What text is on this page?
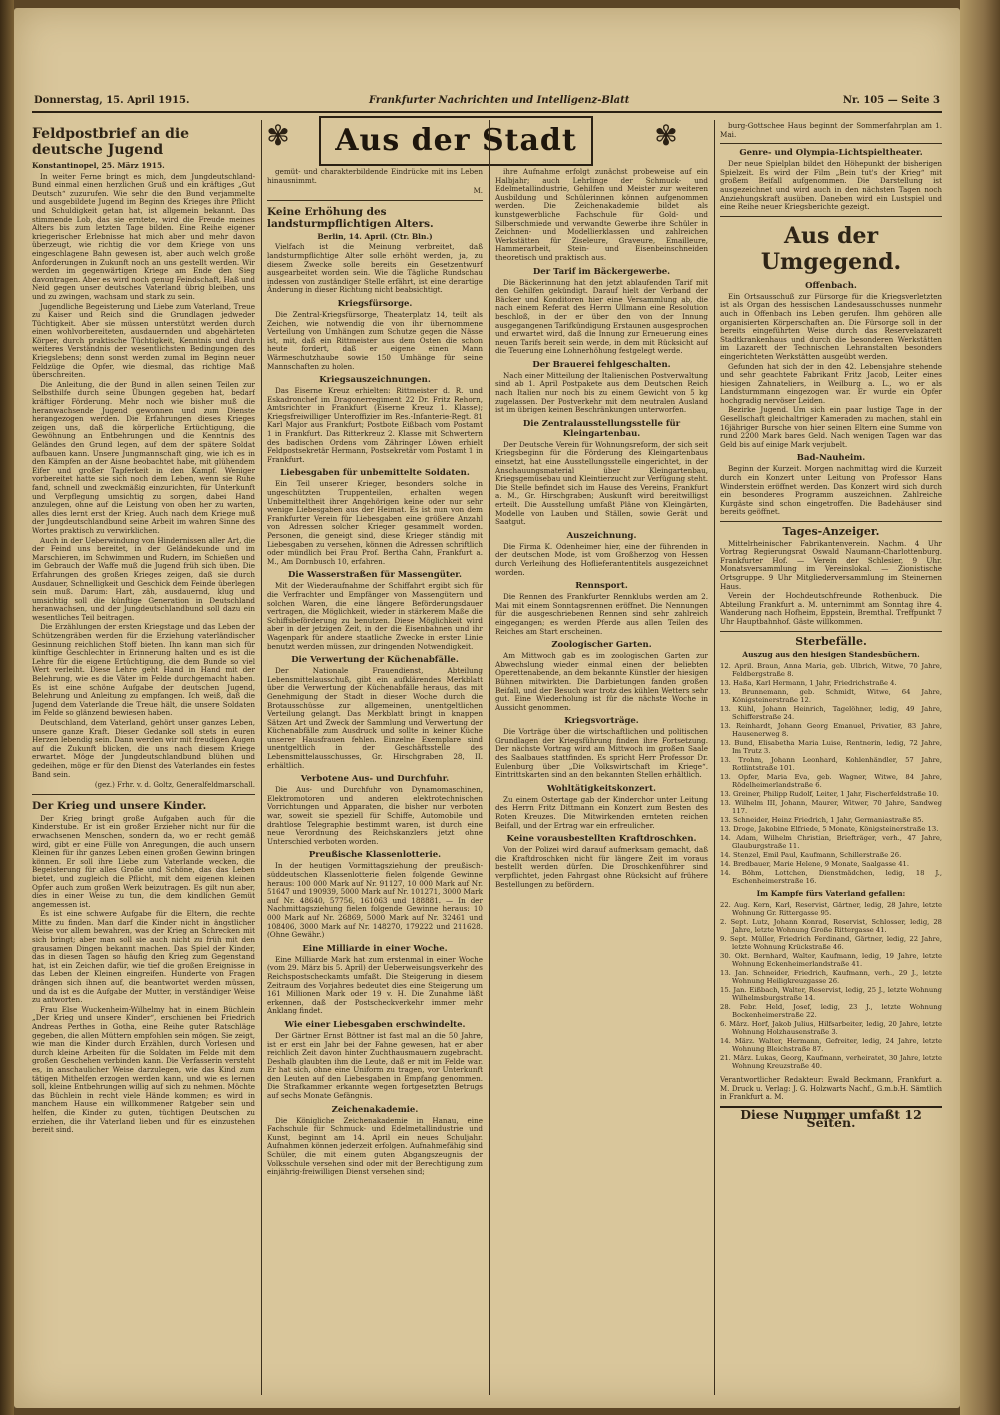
Donnerstag, 15. April 1915.	Frankfurter Nachrichten und Intelligenz-Blatt	Nr. 105 — Seite 3
✾	Aus der Stadt	✾
Feldpostbrief an die deutsche Jugend
Konstantinopel, 25. März 1915.

In weiter Ferne bringt es mich, dem Jungdeutschland-Bund einmal einen herzlichen Gruß und ein kräftiges „Gut Deutsch“ zuzurufen. Wie sehr die den Bund verjammelte und ausgebildete Jugend im Beginn des Krieges ihre Pflicht und Schuldigkeit getan hat, ist allgemein bekannt. Das stimmende Lob, das sie erntete, wird die Freude meines Alters bis zum letzten Tage bilden. Eine Reihe eigener kriegerischer Erlebnisse hat mich aber und mehr davon überzeugt, wie richtig die vor dem Kriege von uns eingeschlagene Bahn gewesen ist, aber auch welch große Anforderungen in Zukunft noch an uns gestellt werden. Wir werden im gegenwärtigen Kriege am Ende den Sieg davontragen. Aber es wird noch genug Feindschaft, Haß und Neid gegen unser deutsches Vaterland übrig bleiben, uns und zu zwingen, wachsam und stark zu sein.

Jugendliche Begeisterung und Liebe zum Vaterland, Treue zu Kaiser und Reich sind die Grundlagen jedweder Tüchtigkeit. Aber sie müssen unterstützt werden durch einen wohlvorbereiteten, ausdauernden und abgehärteten Körper, durch praktische Tüchtigkeit, Kenntnis und durch weiteres Verständnis der wesentlichsten Bedingungen des Kriegslebens; denn sonst werden zumal im Beginn neuer Feldzüge die Opfer, wie diesmal, das richtige Maß überschreiten.

Die Anleitung, die der Bund in allen seinen Teilen zur Selbsthilfe durch seine Übungen gegeben hat, bedarf kräftiger Förderung. Mehr noch wie bisher muß die heranwachsende Jugend gewonnen und zum Dienste herangezogen werden. Die Erfahrungen dieses Krieges zeigen uns, daß die körperliche Ertüchtigung, die Gewöhnung an Entbehrungen und die Kenntnis des Geländes den Grund legen, auf dem der spätere Soldat aufbauen kann. Unsere Jungmannschaft ging, wie ich es in den Kämpfen an der Aisne beobachtet habe, mit glühendem Eifer und großer Tapferkeit in den Kampf. Weniger vorbereitet hatte sie sich noch dem Leben, wenn sie Ruhe fand, schnell und zweckmäßig einzurichten, für Unterkunft und Verpflegung umsichtig zu sorgen, dabei Hand anzulegen, ohne auf die Leistung von oben her zu warten, alles dies lernt erst der Krieg. Auch nach dem Kriege muß der Jungdeutschlandbund seine Arbeit im wahren Sinne des Wortes praktisch zu verwirklichen.

Auch in der Ueberwindung von Hindernissen aller Art, die der Feind uns bereitet, in der Geländekunde und im Marschieren, im Schwimmen und Rudern, im Schießen und im Gebrauch der Waffe muß die Jugend früh sich üben. Die Erfahrungen des großen Krieges zeigen, daß sie durch Ausdauer, Schnelligkeit und Geschick dem Feinde überlegen sein muß. Darum: Hart, zäh, ausdauernd, klug und umsichtig soll die künftige Generation in Deutschland heranwachsen, und der Jungdeutschlandbund soll dazu ein wesentliches Teil beitragen.

Die Erzählungen der ersten Kriegstage und das Leben der Schützengräben werden für die Erziehung vaterländischer Gesinnung reichlichen Stoff bieten. Ihn kann man sich für künftige Geschlechter in Erinnerung halten und es ist die Lehre für die eigene Ertüchtigung, die dem Bunde so viel Wert verleiht. Diese Lehre geht Hand in Hand mit der Belehrung, wie es die Väter im Felde durchgemacht haben. Es ist eine schöne Aufgabe der deutschen Jugend, Belehrung und Anleitung zu empfangen. Ich weiß, daß die Jugend dem Vaterlande die Treue hält, die unsere Soldaten im Felde so glänzend bewiesen haben.

Deutschland, dem Vaterland, gehört unser ganzes Leben, unsere ganze Kraft. Dieser Gedanke soll stets in euren Herzen lebendig sein. Dann werden wir mit freudigen Augen auf die Zukunft blicken, die uns nach diesem Kriege erwartet. Möge der Jungdeutschlandbund blühen und gedeihen, möge er für den Dienst des Vaterlandes ein festes Band sein.

(gez.) Frhr. v. d. Goltz, Generalfeldmarschall.
Der Krieg und unsere Kinder.

Der Krieg bringt große Aufgaben auch für die Kinderstube. Er ist ein großer Erzieher nicht nur für die erwachsenen Menschen, sondern da, wo er recht gemäß wird, gibt er eine Fülle von Anregungen, die auch unsern Kleinen für ihr ganzes Leben einen großen Gewinn bringen können. Er soll ihre Liebe zum Vaterlande wecken, die Begeisterung für alles Große und Schöne, das das Leben bietet, und zugleich die Pflicht, mit dem eigenen kleinen Opfer auch zum großen Werk beizutragen. Es gilt nun aber, dies in einer Weise zu tun, die dem kindlichen Gemüt angemessen ist.

Es ist eine schwere Aufgabe für die Eltern, die rechte Mitte zu finden. Man darf die Kinder nicht in ängstlicher Weise vor allem bewahren, was der Krieg an Schrecken mit sich bringt; aber man soll sie auch nicht zu früh mit den grausamen Dingen bekannt machen. Das Spiel der Kinder, das in diesen Tagen so häufig den Krieg zum Gegenstand hat, ist ein Zeichen dafür, wie tief die großen Ereignisse in das Leben der Kleinen eingreifen. Hunderte von Fragen drängen sich ihnen auf, die beantwortet werden müssen, und da ist es die Aufgabe der Mutter, in verständiger Weise zu antworten.

Frau Else Wuckenheim-Wilhelmy hat in einem Büchlein „Der Krieg und unsere Kinder“, erschienen bei Friedrich Andreas Perthes in Gotha, eine Reihe guter Ratschläge gegeben, die allen Müttern empfohlen sein mögen. Sie zeigt, wie man die Kinder durch Erzählen, durch Vorlesen und durch kleine Arbeiten für die Soldaten im Felde mit dem großen Geschehen verbinden kann. Die Verfasserin versteht es, in anschaulicher Weise darzulegen, wie das Kind zum tätigen Mithelfen erzogen werden kann, und wie es lernen soll, kleine Entbehrungen willig auf sich zu nehmen. Möchte das Büchlein in recht viele Hände kommen; es wird in manchem Hause ein willkommener Ratgeber sein und helfen, die Kinder zu guten, tüchtigen Deutschen zu erziehen, die ihr Vaterland lieben und für es einzustehen bereit sind.

gemüt- und charakterbildende Eindrücke mit ins Leben hinausnimmt.

M.
Keine Erhöhung des landsturmpflichtigen Alters.
Berlin, 14. April. (Ctr. Bln.)

Vielfach ist die Meinung verbreitet, daß landsturmpflichtige Alter solle erhöht werden, ja, zu diesem Zwecke solle bereits ein Gesetzentwurf ausgearbeitet worden sein. Wie die Tägliche Rundschau indessen von zuständiger Stelle erfährt, ist eine derartige Änderung in dieser Richtung nicht beabsichtigt.

Kriegsfürsorge.

Die Zentral-Kriegsfürsorge, Theaterplatz 14, teilt als Zeichen, wie notwendig die von ihr übernommene Verteilung von Umhängen zum Schutze gegen die Nässe ist, mit, daß ein Rittmeister aus dem Osten die schon heute fordert, daß er eigene einen Mann Wärmeschutzhaube sowie 150 Umhänge für seine Mannschaften zu holen.

Kriegsauszeichnungen.

Das Eiserne Kreuz erhielten: Rittmeister d. R. und Eskadronchef im Dragonerregiment 22 Dr. Fritz Rehorn, Amtsrichter in Frankfurt (Eiserne Kreuz 1. Klasse); Kriegsfreiwilliger Unteroffizier im Res.-Infanterie-Regt. 81 Karl Major aus Frankfurt; Postbote Eißbach vom Postamt 1 in Frankfurt. Das Ritterkreuz 2. Klasse mit Schwertern des badischen Ordens vom Zähringer Löwen erhielt Feldpostsekretär Hermann, Postsekretär vom Postamt 1 in Frankfurt.

Liebesgaben für unbemittelte Soldaten.

Ein Teil unserer Krieger, besonders solche in ungeschützten Truppenteilen, erhalten wegen Unbemitteltheit ihrer Angehörigen keine oder nur sehr wenige Liebesgaben aus der Heimat. Es ist nun von dem Frankfurter Verein für Liebesgaben eine größere Anzahl von Adressen solcher Krieger gesammelt worden. Personen, die geneigt sind, diese Krieger ständig mit Liebesgaben zu versehen, können die Adressen schriftlich oder mündlich bei Frau Prof. Bertha Cahn, Frankfurt a. M., Am Dornbusch 10, erfahren.

Die Wasserstraßen für Massengüter.

Mit der Wiederaufnahme der Schiffahrt ergibt sich für die Verfrachter und Empfänger von Massengütern und solchen Waren, die eine längere Beförderungsdauer vertragen, die Möglichkeit, wieder in stärkerem Maße die Schiffsbeförderung zu benutzen. Diese Möglichkeit wird aber in der jetzigen Zeit, in der die Eisenbahnen und ihr Wagenpark für andere staatliche Zwecke in erster Linie benutzt werden müssen, zur dringenden Notwendigkeit.

Die Verwertung der Küchenabfälle.

Der Nationale Frauendienst, Abteilung Lebensmittelausschuß, gibt ein aufklärendes Merkblatt über die Verwertung der Küchenabfälle heraus, das mit Genehmigung der Stadt in dieser Woche durch die Brotausschüsse zur allgemeinen, unentgeltlichen Verteilung gelangt. Das Merkblatt bringt in knappen Sätzen Art und Zweck der Sammlung und Verwertung der Küchenabfälle zum Ausdruck und sollte in keiner Küche unserer Hausfrauen fehlen. Einzelne Exemplare sind unentgeltlich in der Geschäftsstelle des Lebensmittelausschusses, Gr. Hirschgraben 28, II. erhältlich.

Verbotene Aus- und Durchfuhr.

Die Aus- und Durchfuhr von Dynamomaschinen, Elektromotoren und anderen elektrotechnischen Vorrichtungen und Apparaten, die bisher nur verboten war, soweit sie speziell für Schiffe, Automobile und drahtlose Telegraphie bestimmt waren, ist durch eine neue Verordnung des Reichskanzlers jetzt ohne Unterschied verboten worden.

Preußische Klassenlotterie.

In der heutigen Vormittagsziehung der preußisch-süddeutschen Klassenlotterie fielen folgende Gewinne heraus: 100 000 Mark auf Nr. 91127, 10 000 Mark auf Nr. 51647 und 190939, 5000 Mark auf Nr. 101271, 3000 Mark auf Nr. 48640, 57756, 161063 und 188881. — In der Nachmittagsziehung fielen folgende Gewinne heraus: 10 000 Mark auf Nr. 26869, 5000 Mark auf Nr. 32461 und 108406, 3000 Mark auf Nr. 148270, 179222 und 211628. (Ohne Gewähr.)

Eine Milliarde in einer Woche.

Eine Milliarde Mark hat zum erstenmal in einer Woche (vom 29. März bis 5. April) der Ueberweisungsverkehr des Reichspostscheckamts umfaßt. Die Steigerung in diesem Zeitraum des Vorjahres bedeutet dies eine Steigerung um 161 Millionen Mark oder 19 v. H. Die Zunahme läßt erkennen, daß der Postscheckverkehr immer mehr Anklang findet.

Wie einer Liebesgaben erschwindelte.

Der Gärtner Ernst Böttner ist fast mal an die 50 Jahre, ist er erst ein Jahr bei der Fahne gewesen, hat er aber reichlich Zeit davon hinter Zuchthausmauern zugebracht. Deshalb glaubten ihm die Leute, daß er mit im Felde war. Er hat sich, ohne eine Uniform zu tragen, vor Unterkunft den Leuten auf den Liebesgaben in Empfang genommen. Die Strafkammer erkannte wegen fortgesetzten Betrugs auf sechs Monate Gefängnis.

Zeichenakademie.

Die Königliche Zeichenakademie in Hanau, eine Fachschule für Schmuck- und Edelmetallindustrie und Kunst, beginnt am 14. April ein neues Schuljahr. Aufnahmen können jederzeit erfolgen. Aufnahmefähig sind Schüler, die mit einem guten Abgangszeugnis der Volksschule versehen sind oder mit der Berechtigung zum einjährig-freiwilligen Dienst versehen sind;

ihre Aufnahme erfolgt zunächst probeweise auf ein Halbjahr; auch Lehrlinge der Schmuck- und Edelmetallindustrie, Gehilfen und Meister zur weiteren Ausbildung und Schülerinnen können aufgenommen werden. Die Zeichenakademie bildet als kunstgewerbliche Fachschule für Gold- und Silberschmiede und verwandte Gewerbe ihre Schüler in Zeichnen- und Modellierklassen und zahlreichen Werkstätten für Ziseleure, Graveure, Emailleure, Hammerarbeit, Stein- und Eisenbeinschneiden theoretisch und praktisch aus.

Der Tarif im Bäckergewerbe.

Die Bäckerinnung hat den jetzt ablaufenden Tarif mit den Gehilfen gekündigt. Darauf hielt der Verband der Bäcker und Konditoren hier eine Versammlung ab, die nach einem Referat des Herrn Ullmann eine Resolution beschloß, in der er über den von der Innung ausgegangenen Tarifkündigung Erstaunen ausgesprochen und erwartet wird, daß die Innung zur Erneuerung eines neuen Tarifs bereit sein werde, in dem mit Rücksicht auf die Teuerung eine Lohnerhöhung festgelegt werde.

Der Brauerei fehlgeschalten.

Nach einer Mitteilung der Italienischen Postverwaltung sind ab 1. April Postpakete aus dem Deutschen Reich nach Italien nur noch bis zu einem Gewicht von 5 kg zugelassen. Der Postverkehr mit dem neutralen Ausland ist im übrigen keinen Beschränkungen unterworfen.

Die Zentralausstellungsstelle für Kleingartenbau.

Der Deutsche Verein für Wohnungsreform, der sich seit Kriegsbeginn für die Förderung des Kleingartenbaus einsetzt, hat eine Ausstellungsstelle eingerichtet, in der Anschauungsmaterial über Kleingartenbau, Kriegsgemüsebau und Kleintierzucht zur Verfügung steht. Die Stelle befindet sich im Hause des Vereins, Frankfurt a. M., Gr. Hirschgraben; Auskunft wird bereitwilligst erteilt. Die Ausstellung umfaßt Pläne von Kleingärten, Modelle von Lauben und Ställen, sowie Gerät und Saatgut.

Auszeichnung.

Die Firma K. Odenheimer hier, eine der führenden in der deutschen Mode, ist vom Großherzog von Hessen durch Verleihung des Hoflieferantentitels ausgezeichnet worden.

Rennsport.

Die Rennen des Frankfurter Rennklubs werden am 2. Mai mit einem Sonntagsrennen eröffnet. Die Nennungen für die ausgeschriebenen Rennen sind sehr zahlreich eingegangen; es werden Pferde aus allen Teilen des Reiches am Start erscheinen.

Zoologischer Garten.

Am Mittwoch gab es im zoologischen Garten zur Abwechslung wieder einmal einen der beliebten Operettenabende, an dem bekannte Künstler der hiesigen Bühnen mitwirkten. Die Darbietungen fanden großen Beifall, und der Besuch war trotz des kühlen Wetters sehr gut. Eine Wiederholung ist für die nächste Woche in Aussicht genommen.

Kriegsvorträge.

Die Vorträge über die wirtschaftlichen und politischen Grundlagen der Kriegsführung finden ihre Fortsetzung. Der nächste Vortrag wird am Mittwoch im großen Saale des Saalbaues stattfinden. Es spricht Herr Professor Dr. Eulenburg über „Die Volkswirtschaft im Kriege“. Eintrittskarten sind an den bekannten Stellen erhältlich.

Wohltätigkeitskonzert.

Zu einem Ostertage gab der Kinderchor unter Leitung des Herrn Fritz Dittmann ein Konzert zum Besten des Roten Kreuzes. Die Mitwirkenden ernteten reichen Beifall, und der Ertrag war ein erfreulicher.

Keine vorausbestellten Kraftdroschken.

Von der Polizei wird darauf aufmerksam gemacht, daß die Kraftdroschken nicht für längere Zeit im voraus bestellt werden dürfen. Die Droschkenführer sind verpflichtet, jeden Fahrgast ohne Rücksicht auf frühere Bestellungen zu befördern.

burg-Gottschee Haus beginnt der Sommerfahrplan am 1. Mai.

Genre- und Olympia-Lichtspieltheater.

Der neue Spielplan bildet den Höhepunkt der bisherigen Spielzeit. Es wird der Film „Bein tut's der Krieg“ mit großem Beifall aufgenommen. Die Darstellung ist ausgezeichnet und wird auch in den nächsten Tagen noch Anziehungskraft ausüben. Daneben wird ein Lustspiel und eine Reihe neuer Kriegsberichte gezeigt.

Aus der Umgegend.
Offenbach.

Ein Ortsausschuß zur Fürsorge für die Kriegsverletzten ist als Organ des hessischen Landesausschusses nunmehr auch in Offenbach ins Leben gerufen. Ihm gehören alle organisierten Körperschaften an. Die Fürsorge soll in der bereits eingeführten Weise durch das Reservelazarett Stadtkrankenhaus und durch die besonderen Werkstätten im Lazarett der Technischen Lehranstalten besonders eingerichteten Werkstätten ausgeübt werden.

Gefunden hat sich der in den 42. Lebensjahre stehende und sehr geachtete Fabrikant Fritz Jacob, Leiter eines hiesigen Zahnateliers, in Weilburg a. L., wo er als Landsturmmann eingezogen war. Er wurde ein Opfer hochgradig nervöser Leiden.

Bezirke Jugend. Um sich ein paar lustige Tage in der Gesellschaft gleichaltriger Kameraden zu machen, stahl ein 16jähriger Bursche von hier seinen Eltern eine Summe von rund 2200 Mark bares Geld. Nach wenigen Tagen war das Geld bis auf einige Mark verjubelt.

Bad-Nauheim.

Beginn der Kurzeit. Morgen nachmittag wird die Kurzeit durch ein Konzert unter Leitung von Professor Hans Winderstein eröffnet werden. Das Konzert wird sich durch ein besonderes Programm auszeichnen. Zahlreiche Kurgäste sind schon eingetroffen. Die Badehäuser sind bereits geöffnet.

Tages-Anzeiger.

Mittelrheinischer Fabrikantenverein. Nachm. 4 Uhr Vortrag Regierungsrat Oswald Naumann-Charlottenburg. Frankfurter Hof. — Verein der Schlesier, 9 Uhr. Monatsversammlung im Vereinslokal. — Zionistische Ortsgruppe. 9 Uhr Mitgliederversammlung im Steinernen Haus.

Verein der Hochdeutschfreunde Rothenbuck. Die Abteilung Frankfurt a. M. unternimmt am Sonntag ihre 4. Wanderung nach Hofheim, Eppstein, Bremthal. Treffpunkt 7 Uhr Hauptbahnhof. Gäste willkommen.

Sterbefälle.
Auszug aus den hiesigen Standesbüchern.
12. April. Braun, Anna Maria, geb. Ulbrich, Witwe, 70 Jahre, Feldbergstraße 8.
13. Haßa, Karl Hermann, 1 Jahr, Friedrichstraße 4.
13. Brunnemann, geb. Schmidt, Witwe, 64 Jahre, Königsteinerstraße 12.
13. Kühl, Johann Heinrich, Tagelöhner, ledig, 49 Jahre, Schifferstraße 24.
13. Reinhardt, Johann Georg Emanuel, Privatier, 83 Jahre, Hausenerweg 8.
13. Bund, Elisabetha Maria Luise, Rentnerin, ledig, 72 Jahre, Im Trutz 3.
13. Trohm, Johann Leonhard, Kohlenhändler, 57 Jahre, Rotlintstraße 101.
13. Opfer, Maria Eva, geb. Wagner, Witwe, 84 Jahre, Rödelheimerlandstraße 6.
13. Greiner, Philipp Rudolf, Leiter, 1 Jahr, Fischerfeldstraße 10.
13. Wilhelm III, Johann, Maurer, Witwer, 70 Jahre, Sandweg 117.
13. Schneider, Heinz Friedrich, 1 Jahr, Germaniastraße 85.
13. Droge, Jakobine Elfriede, 5 Monate, Königsteinerstraße 13.
14. Adam, Wilhelm Christian, Briefträger, verh., 47 Jahre, Glauburgstraße 11.
14. Stenzel, Emil Paul, Kaufmann, Schillerstraße 26.
14. Bredbauer, Marie Helene, 9 Monate, Saalgasse 41.
14. Böhm, Lottchen, Dienstmädchen, ledig, 18 J., Eschenheimerstraße 16.
Im Kampfe fürs Vaterland gefallen:
22. Aug. Kern, Karl, Reservist, Gärtner, ledig, 28 Jahre, letzte Wohnung Gr. Rittergasse 95.
2. Sept. Lutz, Johann Konrad, Reservist, Schlosser, ledig, 28 Jahre, letzte Wohnung Große Rittergasse 41.
9. Sept. Müller, Friedrich Ferdinand, Gärtner, ledig, 22 Jahre, letzte Wohnung Krückstraße 46.
30. Okt. Bernhard, Walter, Kaufmann, ledig, 19 Jahre, letzte Wohnung Eckenheimerlandstraße 41.
13. Jan. Schneider, Friedrich, Kaufmann, verh., 29 J., letzte Wohnung Heiligkreuzgasse 26.
15. Jan. Eißbach, Walter, Reservist, ledig, 25 J., letzte Wohnung Wilhelmsburgstraße 14.
28. Febr. Held, Josef, ledig, 23 J., letzte Wohnung Bockenheimerstraße 22.
6. März. Horf, Jakob Julius, Hilfsarbeiter, ledig, 20 Jahre, letzte Wohnung Holzhausenstraße 3.
14. März. Walter, Hermann, Gefreiter, ledig, 24 Jahre, letzte Wohnung Bleichstraße 87.
21. März. Lukas, Georg, Kaufmann, verheiratet, 30 Jahre, letzte Wohnung Kreuzstraße 40.
Verantwortlicher Redakteur: Ewald Beckmann, Frankfurt a. M. Druck u. Verlag: J. G. Holzwarts Nachf., G.m.b.H. Sämtlich in Frankfurt a. M.
Diese Nummer umfaßt 12 Seiten.
